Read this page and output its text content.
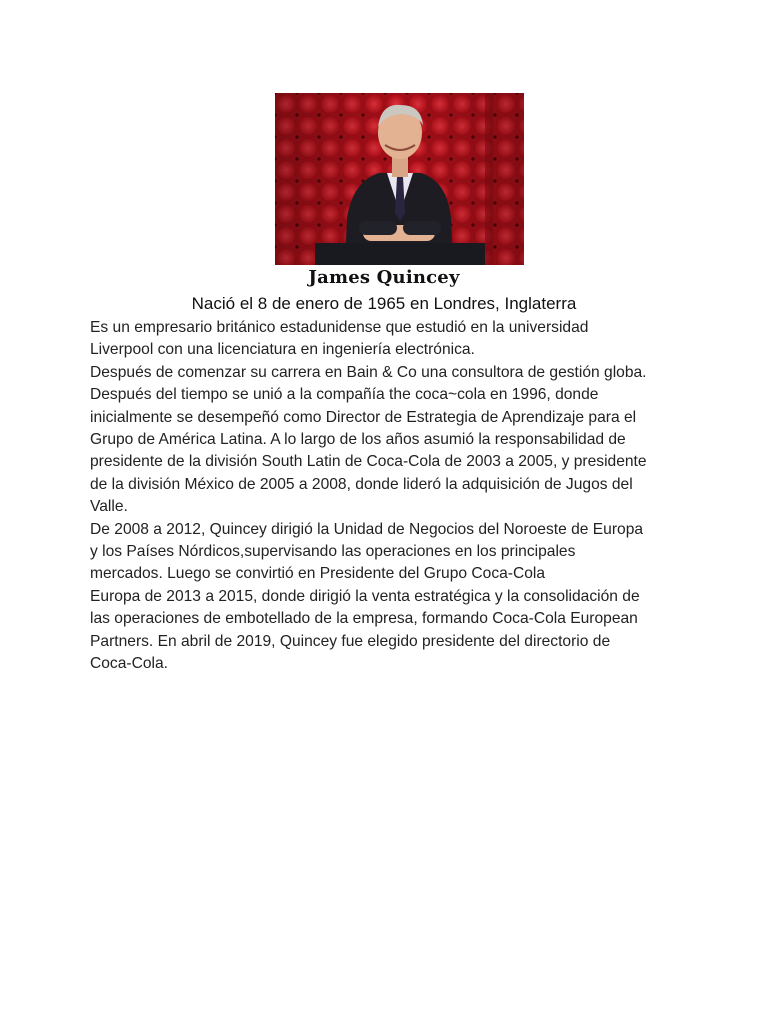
James Quincey
Nació el 8 de enero de 1965 en Londres, Inglaterra
Es un empresario británico estadunidense que estudió en la universidad
Liverpool con una licenciatura en ingeniería electrónica.
Después de comenzar su carrera en Bain & Co una consultora de gestión globa.
Después del tiempo se unió a la compañía the coca~cola en 1996, donde
inicialmente se desempeñó como Director de Estrategia de Aprendizaje para el
Grupo de América Latina. A lo largo de los años asumió la responsabilidad de
presidente de la división South Latin de Coca-Cola de 2003 a 2005, y presidente
de la división México de 2005 a 2008, donde lideró la adquisición de Jugos del
Valle.
De 2008 a 2012, Quincey dirigió la Unidad de Negocios del Noroeste de Europa
y los Países Nórdicos,supervisando las operaciones en los principales
mercados. Luego se convirtió en Presidente del Grupo Coca-Cola
Europa de 2013 a 2015, donde dirigió la venta estratégica y la consolidación de
las operaciones de embotellado de la empresa, formando Coca-Cola European
Partners. En abril de 2019, Quincey fue elegido presidente del directorio de
Coca-Cola.
